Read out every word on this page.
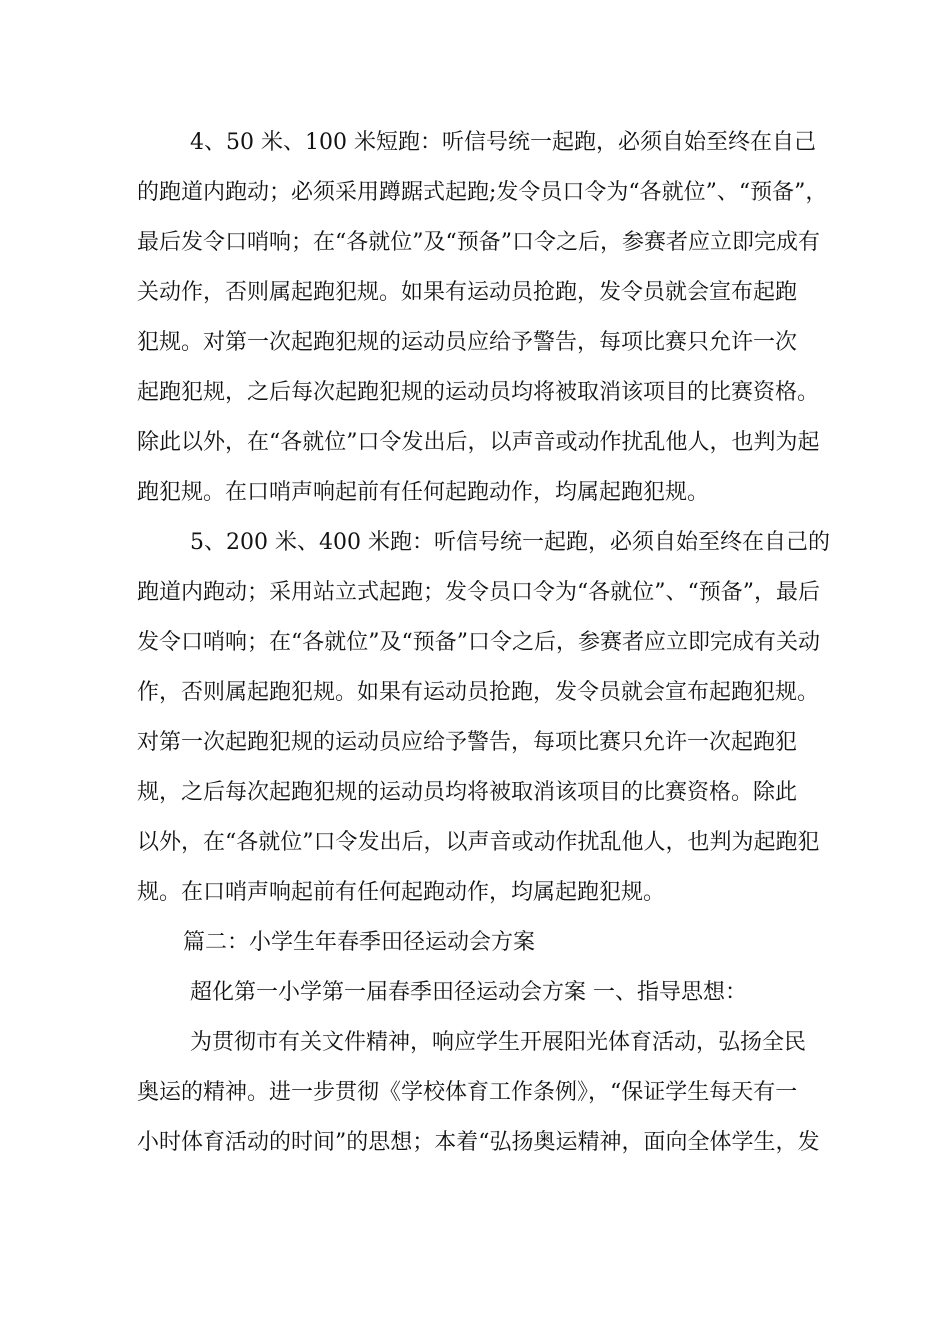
4、50 米、100 米短跑：听信号统一起跑，必须自始至终在自己
的跑道内跑动；必须采用蹲踞式起跑;发令员口令为“各就位”、“预备”，
最后发令口哨响；在“各就位”及“预备”口令之后，参赛者应立即完成有
关动作，否则属起跑犯规。如果有运动员抢跑，发令员就会宣布起跑
犯规。对第一次起跑犯规的运动员应给予警告，每项比赛只允许一次
起跑犯规，之后每次起跑犯规的运动员均将被取消该项目的比赛资格。
除此以外，在“各就位”口令发出后，以声音或动作扰乱他人，也判为起
跑犯规。在口哨声响起前有任何起跑动作，均属起跑犯规。
5、200 米、400 米跑：听信号统一起跑，必须自始至终在自己的
跑道内跑动；采用站立式起跑；发令员口令为“各就位”、“预备”，最后
发令口哨响；在“各就位”及“预备”口令之后，参赛者应立即完成有关动
作，否则属起跑犯规。如果有运动员抢跑，发令员就会宣布起跑犯规。
对第一次起跑犯规的运动员应给予警告，每项比赛只允许一次起跑犯
规，之后每次起跑犯规的运动员均将被取消该项目的比赛资格。除此
以外，在“各就位”口令发出后，以声音或动作扰乱他人，也判为起跑犯
规。在口哨声响起前有任何起跑动作，均属起跑犯规。
篇二：小学生年春季田径运动会方案
超化第一小学第一届春季田径运动会方案 一、指导思想：
为贯彻市有关文件精神，响应学生开展阳光体育活动，弘扬全民
奥运的精神。进一步贯彻《学校体育工作条例》，“保证学生每天有一
小时体育活动的时间”的思想；本着“弘扬奥运精神，面向全体学生，发
